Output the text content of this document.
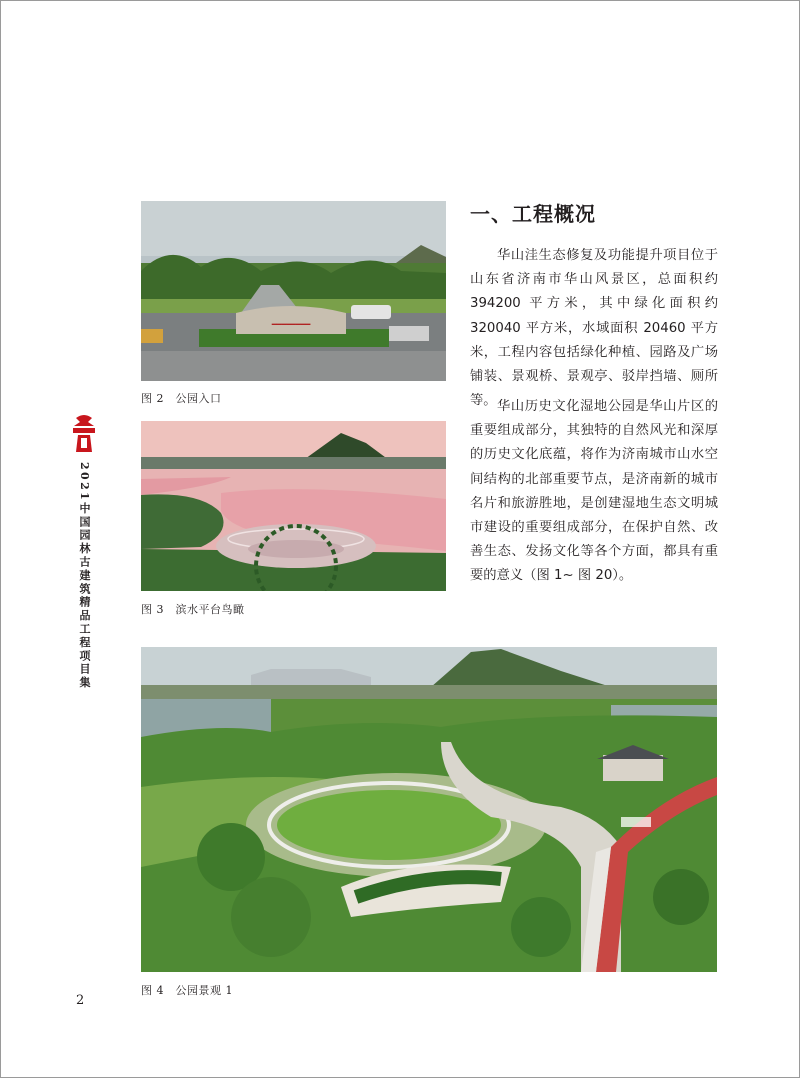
━━━━━━━━
图 2　公园入口
图 3　滨水平台鸟瞰
图 4　公园景观 1
一、工程概况

华山洼生态修复及功能提升项目位于山东省济南市华山风景区，总面积约394200 平方米，其中绿化面积约 320040 平方米，水域面积 20460 平方米，工程内容包括绿化种植、园路及广场铺装、景观桥、景观亭、驳岸挡墙、厕所等。 华山历史文化湿地公园是华山片区的重要组成部分，其独特的自然风光和深厚的历史文化底蕴，将作为济南城市山水空间结构的北部重要节点，是济南新的城市名片和旅游胜地，是创建湿地生态文明城市建设的重要组成部分，在保护自然、改善生态、发扬文化等各个方面，都具有重要的意义（图 1~ 图 20）。

2021中国园林古建筑精品工程项目集
2
